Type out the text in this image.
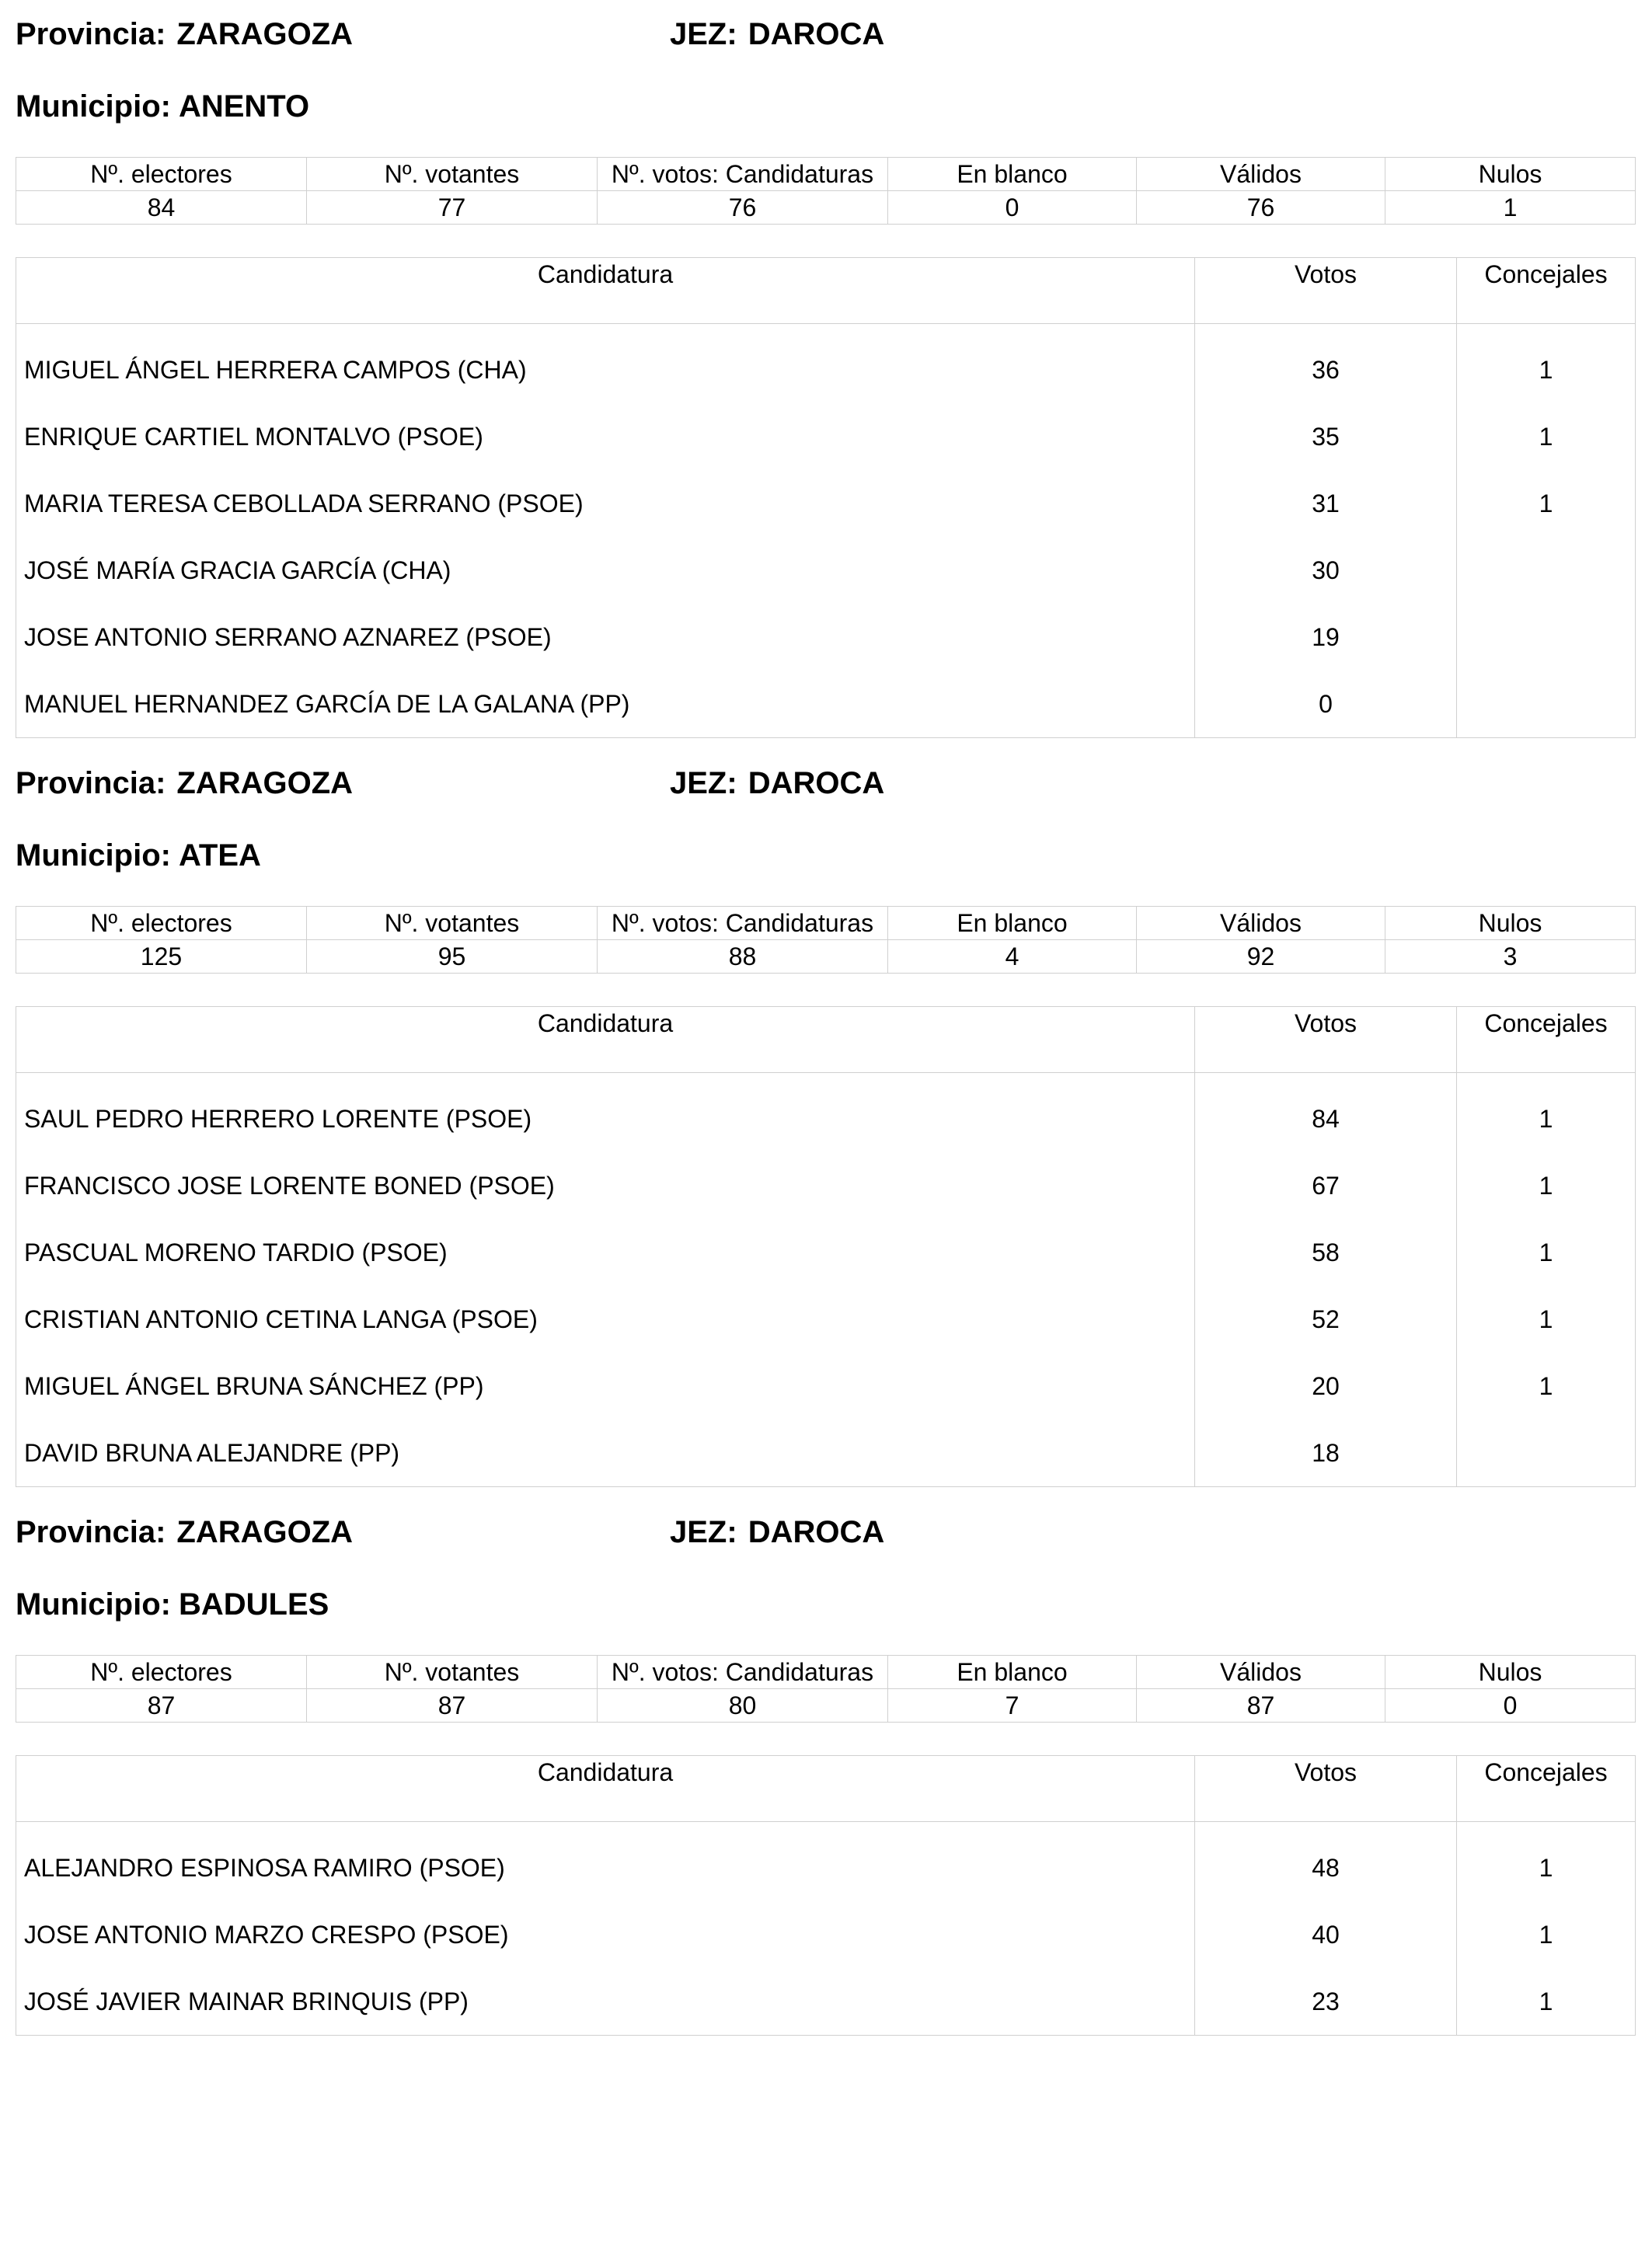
Provincia: ZARAGOZA	JEZ: DAROCA
Municipio: ANENTO
Nº. electores	Nº. votantes	Nº. votos: Candidaturas	En blanco	Válidos	Nulos
84	77	76	0	76	1
Candidatura	Votos	Concejales

MIGUEL ÁNGEL HERRERA CAMPOS (CHA)	36	1
ENRIQUE CARTIEL MONTALVO (PSOE)	35	1
MARIA TERESA CEBOLLADA SERRANO (PSOE)	31	1
JOSÉ MARÍA GRACIA GARCÍA (CHA)	30	
JOSE ANTONIO SERRANO AZNAREZ (PSOE)	19	
MANUEL HERNANDEZ GARCÍA DE LA GALANA (PP)	0	
Provincia: ZARAGOZA	JEZ: DAROCA
Municipio: ATEA
Nº. electores	Nº. votantes	Nº. votos: Candidaturas	En blanco	Válidos	Nulos
125	95	88	4	92	3
Candidatura	Votos	Concejales

SAUL PEDRO HERRERO LORENTE (PSOE)	84	1
FRANCISCO JOSE LORENTE BONED (PSOE)	67	1
PASCUAL MORENO TARDIO (PSOE)	58	1
CRISTIAN ANTONIO CETINA LANGA (PSOE)	52	1
MIGUEL ÁNGEL BRUNA SÁNCHEZ (PP)	20	1
DAVID BRUNA ALEJANDRE (PP)	18	
Provincia: ZARAGOZA	JEZ: DAROCA
Municipio: BADULES
Nº. electores	Nº. votantes	Nº. votos: Candidaturas	En blanco	Válidos	Nulos
87	87	80	7	87	0
Candidatura	Votos	Concejales

ALEJANDRO ESPINOSA RAMIRO (PSOE)	48	1
JOSE ANTONIO MARZO CRESPO (PSOE)	40	1
JOSÉ JAVIER MAINAR BRINQUIS (PP)	23	1
